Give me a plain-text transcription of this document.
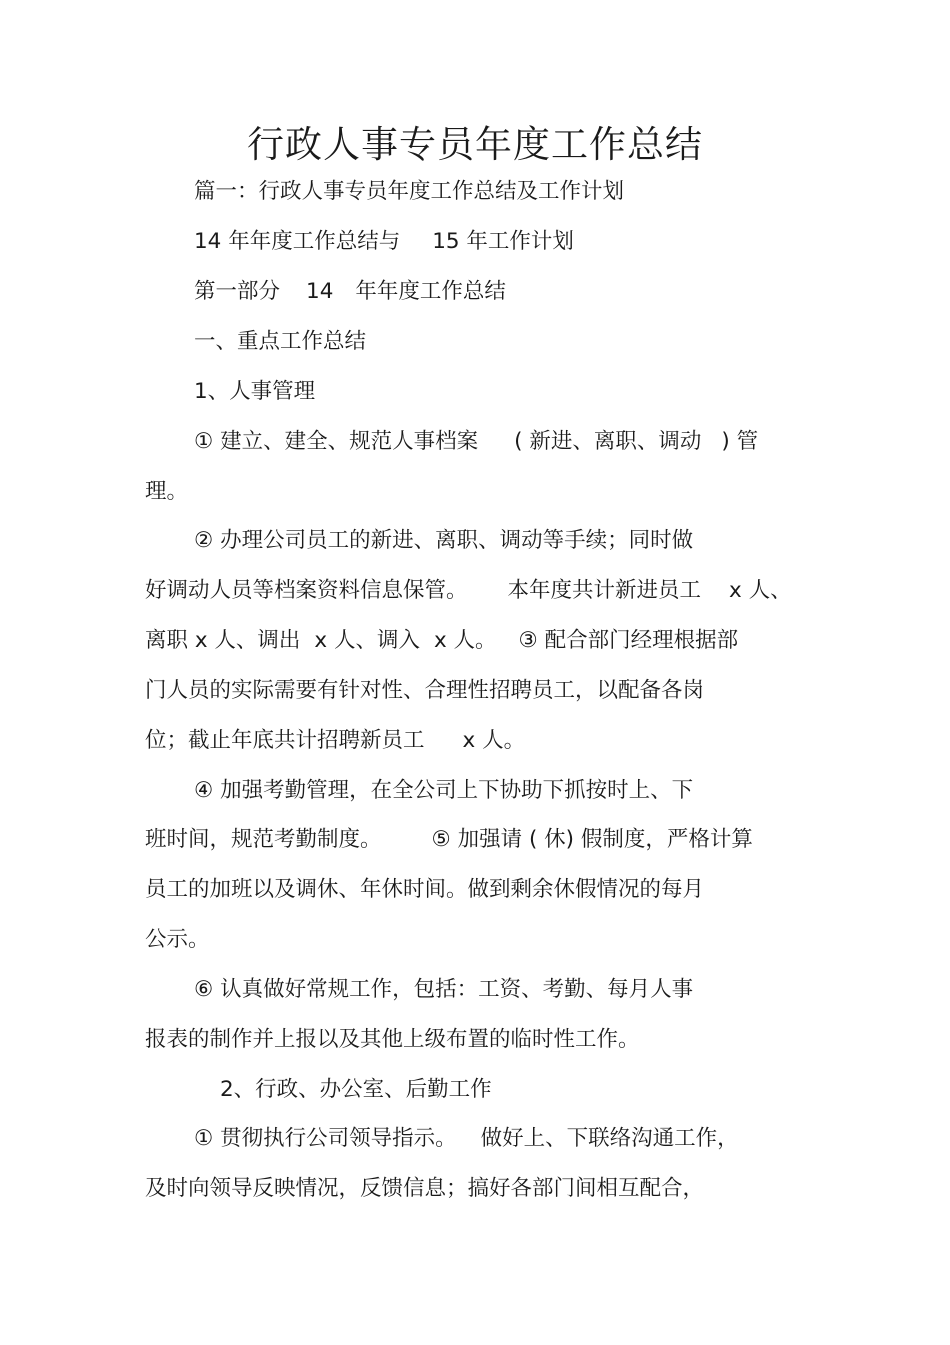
行政人事专员年度工作总结
篇一：行政人事专员年度工作总结及工作计划
14 年年度工作总结与 15 年工作计划
第一部分 14 年年度工作总结
一、重点工作总结
1、人事管理
① 建立、建全、规范人事档案 ( 新进、离职、调动 ) 管
理。
② 办理公司员工的新进、离职、调动等手续；同时做
好调动人员等档案资料信息保管。 本年度共计新进员工 x 人、
离职 x 人、调出 x 人、调入 x 人。 ③ 配合部门经理根据部
门人员的实际需要有针对性、合理性招聘员工，以配备各岗
位；截止年底共计招聘新员工 x 人。
④ 加强考勤管理，在全公司上下协助下抓按时上、下
班时间，规范考勤制度。 ⑤ 加强请 ( 休) 假制度，严格计算
员工的加班以及调休、年休时间。做到剩余休假情况的每月
公示。
⑥ 认真做好常规工作，包括：工资、考勤、每月人事
报表的制作并上报以及其他上级布置的临时性工作。
2、行政、办公室、后勤工作
① 贯彻执行公司领导指示。 做好上、下联络沟通工作，
及时向领导反映情况，反馈信息；搞好各部门间相互配合，
